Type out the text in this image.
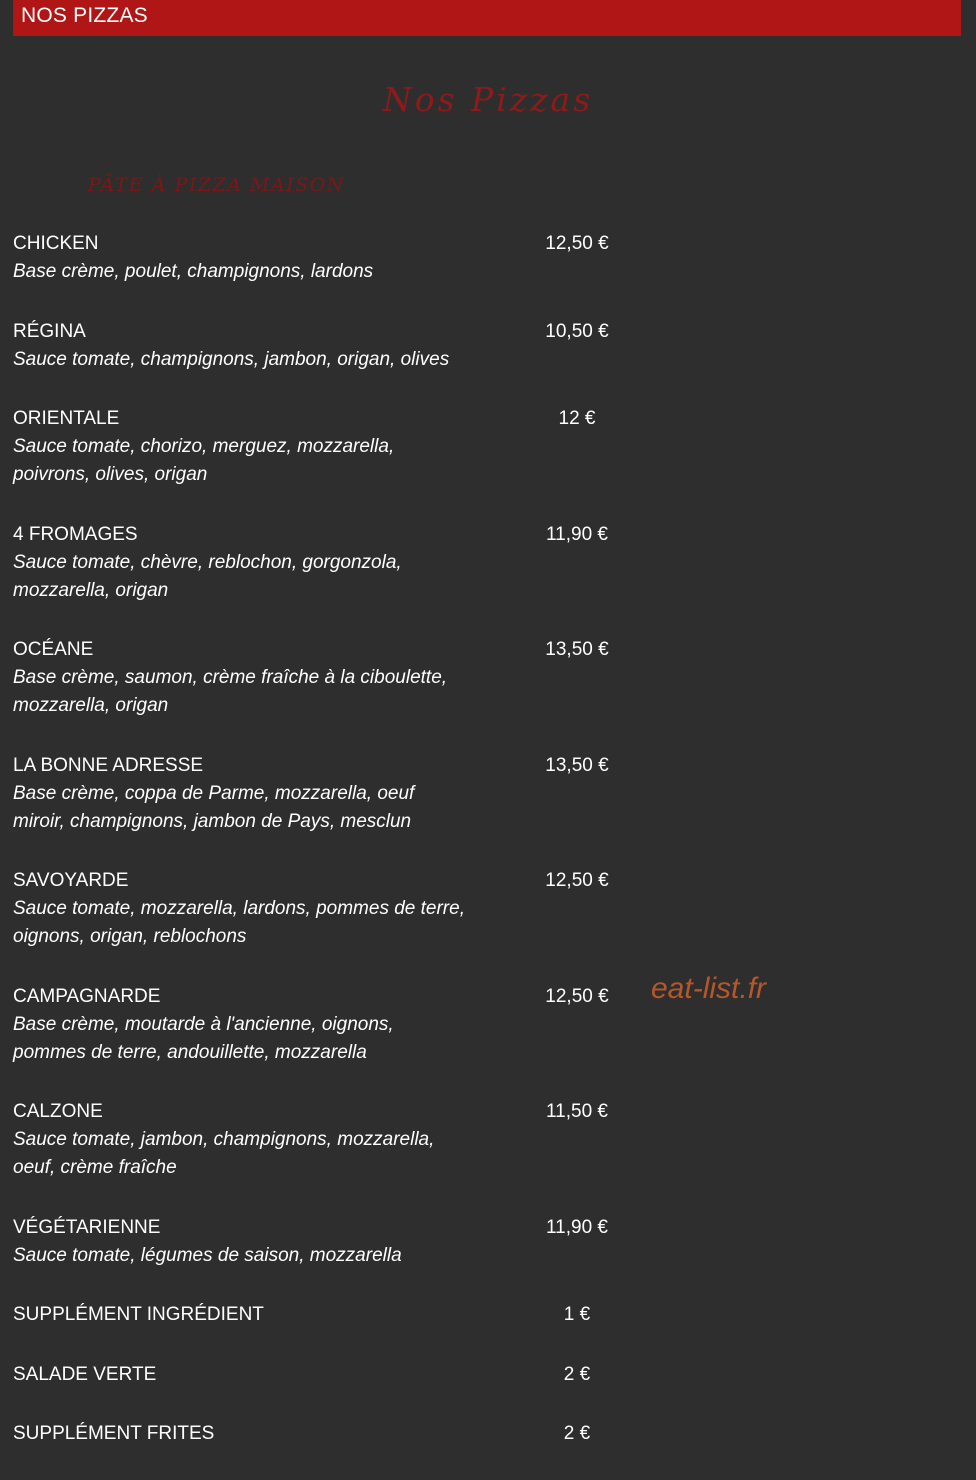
NOS PIZZAS
Nos Pizzas
PÂTE À PIZZA MAISON
CHICKEN	12,50 €
Base crème, poulet, champignons, lardons
RÉGINA	10,50 €
Sauce tomate, champignons, jambon, origan, olives
ORIENTALE	12 €
Sauce tomate, chorizo, merguez, mozzarella,
poivrons, olives, origan
4 FROMAGES	11,90 €
Sauce tomate, chèvre, reblochon, gorgonzola,
mozzarella, origan
OCÉANE	13,50 €
Base crème, saumon, crème fraîche à la ciboulette,
mozzarella, origan
LA BONNE ADRESSE	13,50 €
Base crème, coppa de Parme, mozzarella, oeuf
miroir, champignons, jambon de Pays, mesclun
SAVOYARDE	12,50 €
Sauce tomate, mozzarella, lardons, pommes de terre,
oignons, origan, reblochons
CAMPAGNARDE	12,50 €
Base crème, moutarde à l'ancienne, oignons,
pommes de terre, andouillette, mozzarella
CALZONE	11,50 €
Sauce tomate, jambon, champignons, mozzarella,
oeuf, crème fraîche
VÉGÉTARIENNE	11,90 €
Sauce tomate, légumes de saison, mozzarella
SUPPLÉMENT INGRÉDIENT	1 €
SALADE VERTE	2 €
SUPPLÉMENT FRITES	2 €
eat-list.fr
